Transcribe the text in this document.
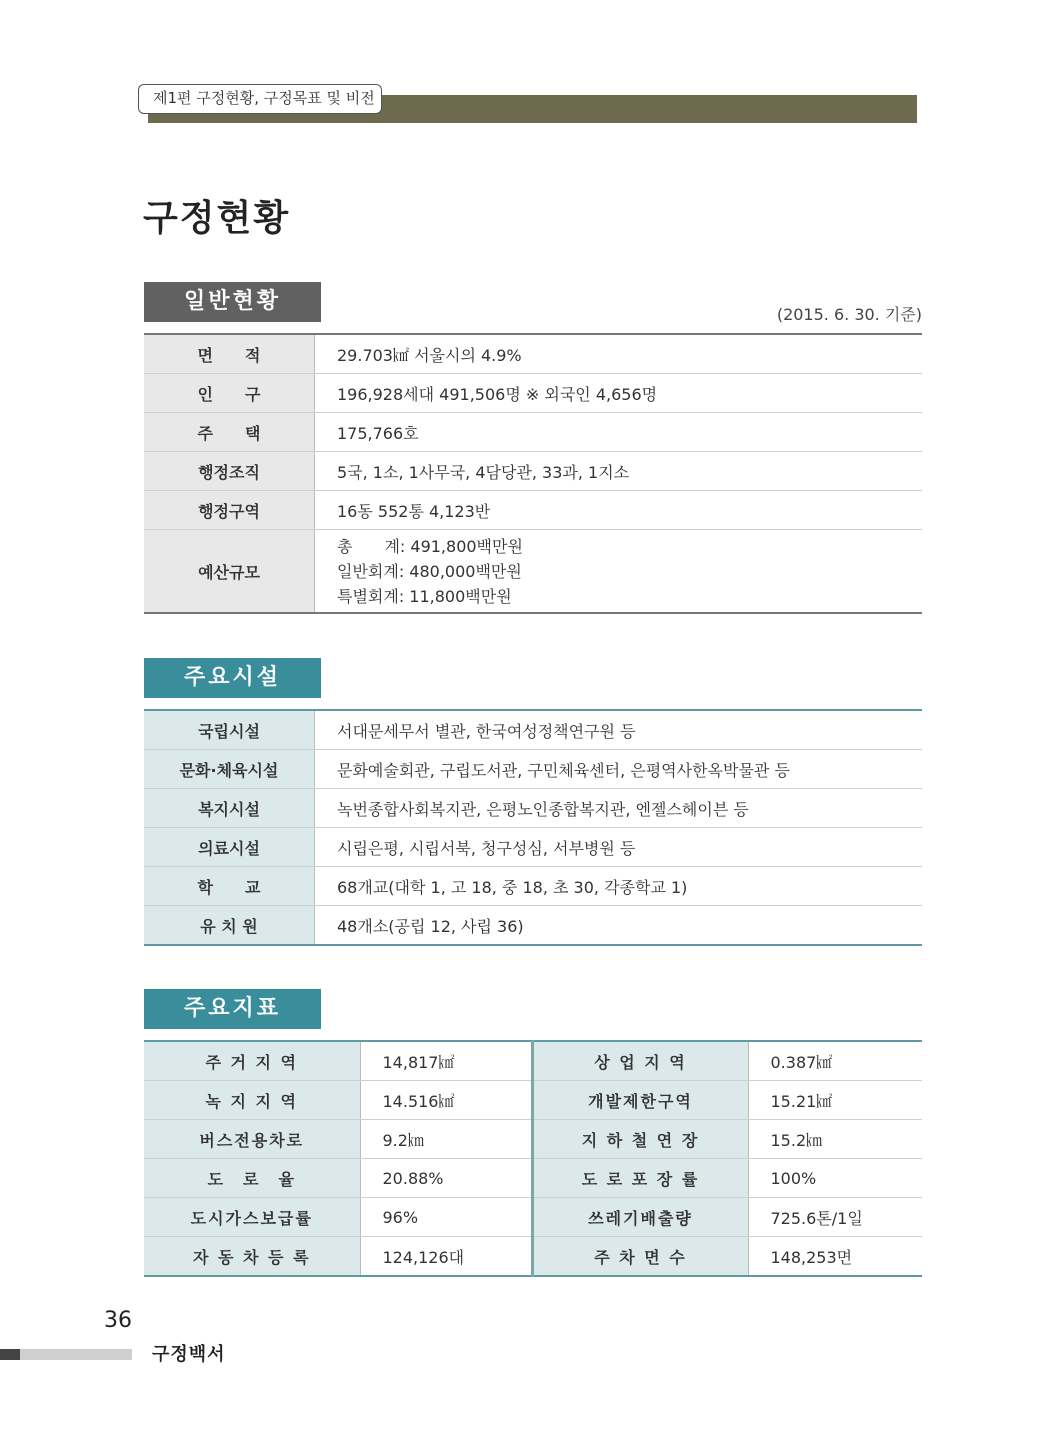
제1편 구정현황, 구정목표 및 비전
구정현황
일반현황
(2015. 6. 30. 기준)
면　　적	29.703㎢ 서울시의 4.9%
인　　구	196,928세대 491,506명 ※ 외국인 4,656명
주　　택	175,766호
행정조직	5국, 1소, 1사무국, 4담당관, 33과, 1지소
행정구역	16동 552통 4,123반
예산규모	총　　계: 491,800백만원
일반회계: 480,000백만원
특별회계: 11,800백만원
주요시설
국립시설	서대문세무서 별관, 한국여성정책연구원 등
문화·체육시설	문화예술회관, 구립도서관, 구민체육센터, 은평역사한옥박물관 등
복지시설	녹번종합사회복지관, 은평노인종합복지관, 엔젤스헤이븐 등
의료시설	시립은평, 시립서북, 청구성심, 서부병원 등
학　　교	68개교(대학 1, 고 18, 중 18, 초 30, 각종학교 1)
유 치 원	48개소(공립 12, 사립 36)
주요지표
주 거 지 역	14,817㎢	상 업 지 역	0.387㎢
녹 지 지 역	14.516㎢	개발제한구역	15.21㎢
버스전용차로	9.2㎞	지 하 철 연 장	15.2㎞
도　로　율	20.88%	도 로 포 장 률	100%
도시가스보급률	96%	쓰레기배출량	725.6톤/1일
자 동 차 등 록	124,126대	주 차 면 수	148,253면
36
구정백서
